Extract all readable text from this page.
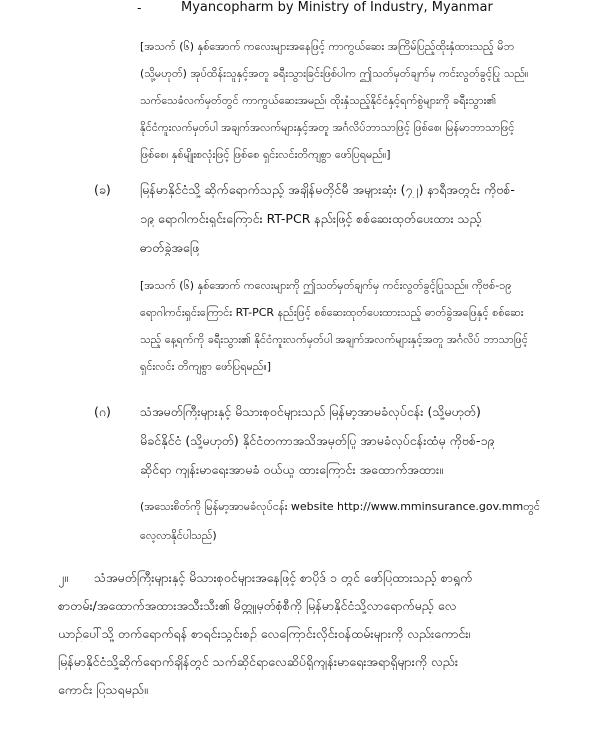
-	Myancopharm by Ministry of Industry, Myanmar
[အသက် (၆) နှစ်အောက် ကလေးများအနေဖြင့် ကာကွယ်ဆေး အကြိမ်ပြည့်ထိုးနှံထားသည့် မိဘ
(သို့မဟုတ်) အုပ်ထိန်းသူနှင့်အတူ ခရီးသွားခြင်းဖြစ်ပါက ဤသတ်မှတ်ချက်မှ ကင်းလွတ်ခွင့်ပြု သည်။
သက်သေခံလက်မှတ်တွင် ကာကွယ်ဆေးအမည်၊ ထိုးနှံသည့်နိုင်ငံနှင့်ရက်စွဲများကို ခရီးသွား၏
နိုင်ငံကူးလက်မှတ်ပါ အချက်အလက်များနှင့်အတူ အင်္ဂလိပ်ဘာသာဖြင့် ဖြစ်စေ၊ မြန်မာဘာသာဖြင့်
ဖြစ်စေ၊ နှစ်မျိုးစလုံးဖြင့် ဖြစ်စေ ရှင်းလင်းတိကျစွာ ဖော်ပြရမည်။]
(ခ) မြန်မာနိုင်ငံသို့ ဆိုက်ရောက်သည့် အချိန်မတိုင်မီ အများဆုံး (၇၂) နာရီအတွင်း ကိုဗစ်-
၁၉ ရောဂါကင်းရှင်းကြောင်း RT-PCR နည်းဖြင့် စစ်ဆေးထုတ်ပေးထား သည့်
ဓာတ်ခွဲအဖြေ
[အသက် (၆) နှစ်အောက် ကလေးများကို ဤသတ်မှတ်ချက်မှ ကင်းလွတ်ခွင့်ပြုသည်။ ကိုဗစ်-၁၉
ရောဂါကင်းရှင်းကြောင်း RT-PCR နည်းဖြင့် စစ်ဆေးထုတ်ပေးထားသည့် ဓာတ်ခွဲအဖြေနှင့် စစ်ဆေး
သည့် နေ့ရက်ကို ခရီးသွား၏ နိုင်ငံကူးလက်မှတ်ပါ အချက်အလက်များနှင့်အတူ အင်္ဂလိပ် ဘာသာဖြင့်
ရှင်းလင်း တိကျစွာ ဖော်ပြရမည်။]
(ဂ) သံအမတ်ကြီးများနှင့် မိသားစုဝင်များသည် မြန်မာ့အာမခံလုပ်ငန်း (သို့မဟုတ်)
မိခင်နိုင်ငံ (သို့မဟုတ်) နိုင်ငံတကာအသိအမှတ်ပြု အာမခံလုပ်ငန်းထံမှ ကိုဗစ်-၁၉
ဆိုင်ရာ ကျန်းမာရေးအာမခံ ဝယ်ယူ ထားကြောင်း အထောက်အထား။
(အသေးစိတ်ကို မြန်မာ့အာမခံလုပ်ငန်း website http://www.mminsurance.gov.mmတွင်
လေ့လာနိုင်ပါသည်)
၂။ သံအမတ်ကြီးများနှင့် မိသားစုဝင်များအနေဖြင့် စာပိုဒ် ၁ တွင် ဖော်ပြထားသည့် စာရွက်
စာတမ်း/အထောက်အထားအသီးသီး၏ မိတ္တူမှတ်စုံစီကို မြန်မာနိုင်ငံသို့လာရောက်မည့် လေ
ယာဉ်ပေါ်သို့ တက်ရောက်ရန် စာရင်းသွင်းစဉ် လေကြောင်းလိုင်းဝန်ထမ်းများကို လည်းကောင်း၊
မြန်မာနိုင်ငံသို့ဆိုက်ရောက်ချိန်တွင် သက်ဆိုင်ရာလေဆိပ်ရှိကျန်းမာရေးအရာရှိများကို လည်း
ကောင်း ပြသရမည်။
